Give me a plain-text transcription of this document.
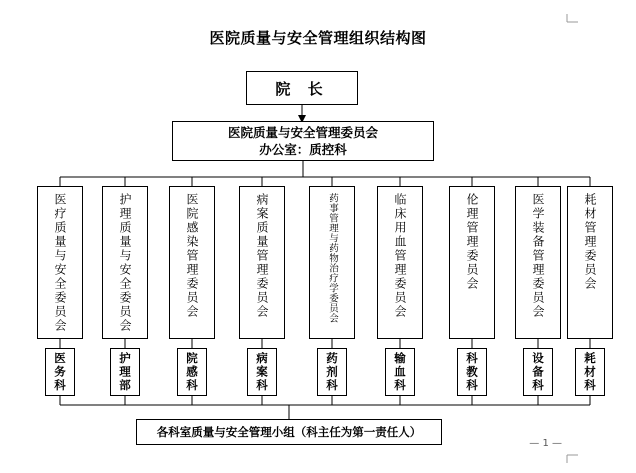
医院质量与安全管理组织结构图
院 长
医院质量与安全管理委员会
办公室：质控科
医疗质量与安全委员会	护理质量与安全委员会	医院感染管理委员会	病案质量管理委员会	药事管理与药物治疗学委员会	临床用血管理委员会	伦理管理委员会	医学装备管理委员会	耗材管理委员会
医务科	护理部	院感科	病案科	药剂科	输血科	科教科	设备科	耗材科
各科室质量与安全管理小组（科主任为第一责任人）
— 1 —
